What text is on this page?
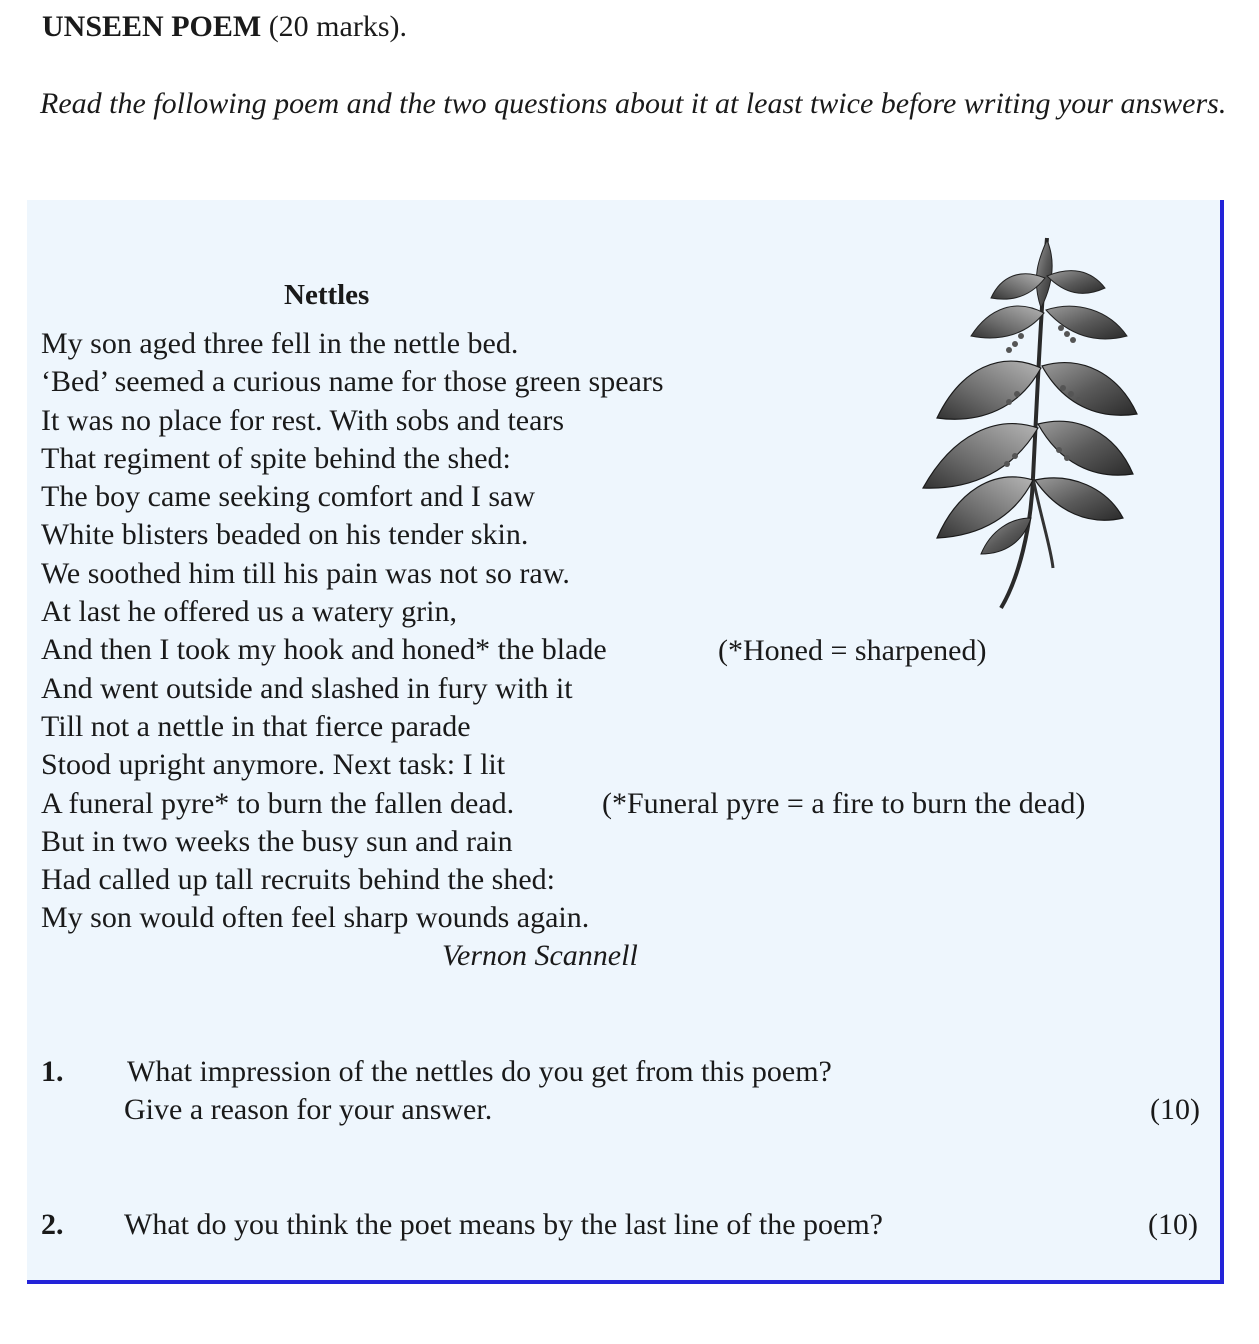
UNSEEN POEM (20 marks).
Read the following poem and the two questions about it at least twice before writing your answers.
Nettles
My son aged three fell in the nettle bed.
‘Bed’ seemed a curious name for those green spears
It was no place for rest. With sobs and tears
That regiment of spite behind the shed:
The boy came seeking comfort and I saw
White blisters beaded on his tender skin.
We soothed him till his pain was not so raw.
At last he offered us a watery grin,
And then I took my hook and honed* the blade
And went outside and slashed in fury with it
Till not a nettle in that fierce parade
Stood upright anymore. Next task: I lit
A funeral pyre* to burn the fallen dead.
But in two weeks the busy sun and rain
Had called up tall recruits behind the shed:
My son would often feel sharp wounds again.
(*Honed = sharpened)
(*Funeral pyre = a fire to burn the dead)
Vernon Scannell
1. What impression of the nettles do you get from this poem?
Give a reason for your answer.	(10)
2. What do you think the poet means by the last line of the poem?	(10)
